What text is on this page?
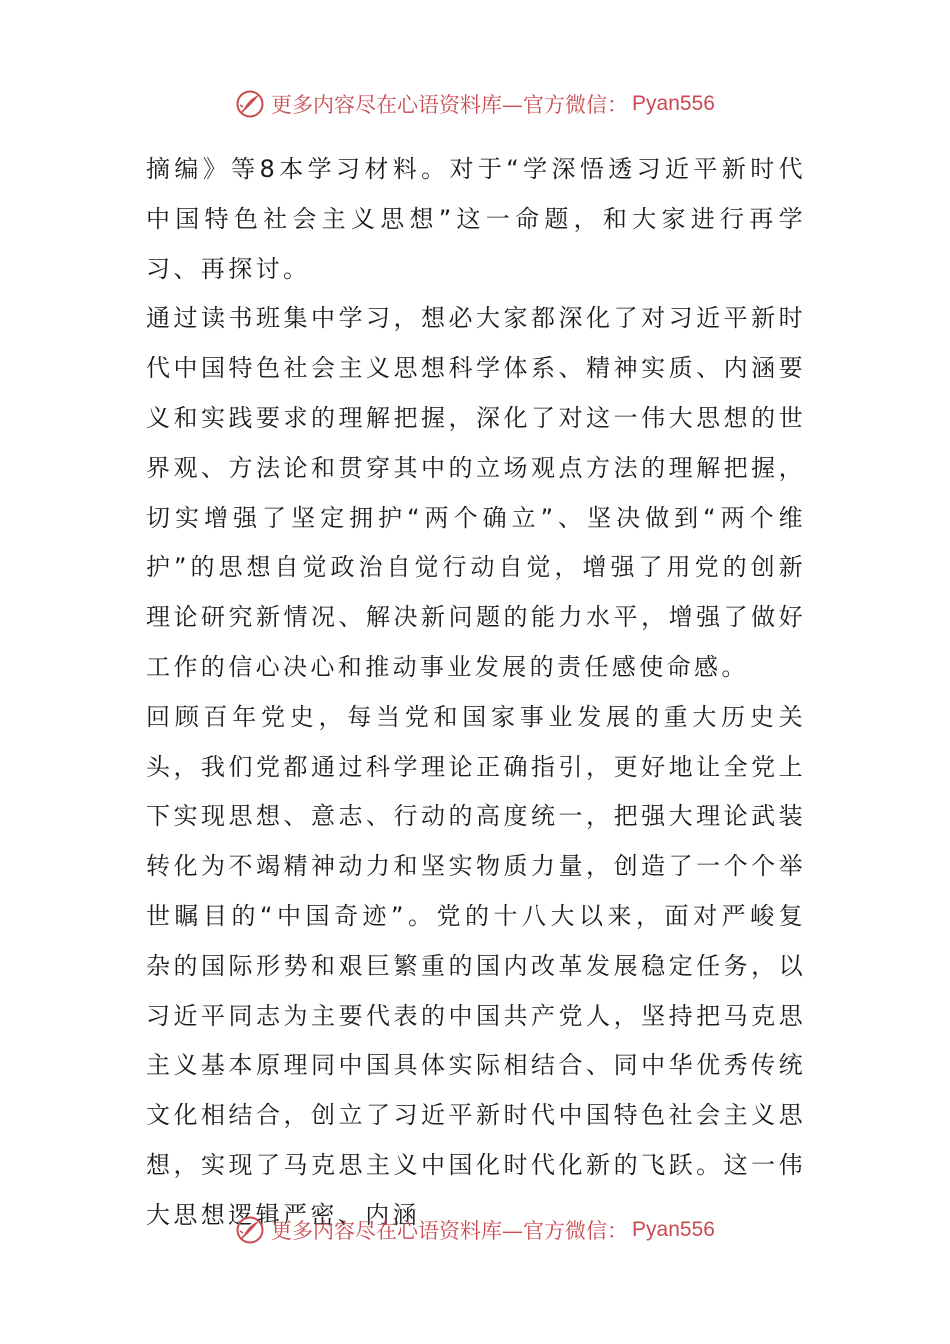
更多内容尽在心语资料库—官方微信： Pyan556

摘编》等8本学习材料。对于“学深悟透习近平新时代中国特色社会主义思想”这一命题，和大家进行再学习、再探讨。

通过读书班集中学习，想必大家都深化了对习近平新时代中国特色社会主义思想科学体系、精神实质、内涵要义和实践要求的理解把握，深化了对这一伟大思想的世界观、方法论和贯穿其中的立场观点方法的理解把握，切实增强了坚定拥护“两个确立”、坚决做到“两个维护”的思想自觉政治自觉行动自觉，增强了用党的创新理论研究新情况、解决新问题的能力水平，增强了做好工作的信心决心和推动事业发展的责任感使命感。

回顾百年党史，每当党和国家事业发展的重大历史关头，我们党都通过科学理论正确指引，更好地让全党上下实现思想、意志、行动的高度统一，把强大理论武装转化为不竭精神动力和坚实物质力量，创造了一个个举世瞩目的“中国奇迹”。党的十八大以来，面对严峻复杂的国际形势和艰巨繁重的国内改革发展稳定任务，以习近平同志为主要代表的中国共产党人，坚持把马克思主义基本原理同中国具体实际相结合、同中华优秀传统文化相结合，创立了习近平新时代中国特色社会主义思想，实现了马克思主义中国化时代化新的飞跃。这一伟大思想逻辑严密、内涵

更多内容尽在心语资料库—官方微信： Pyan556
